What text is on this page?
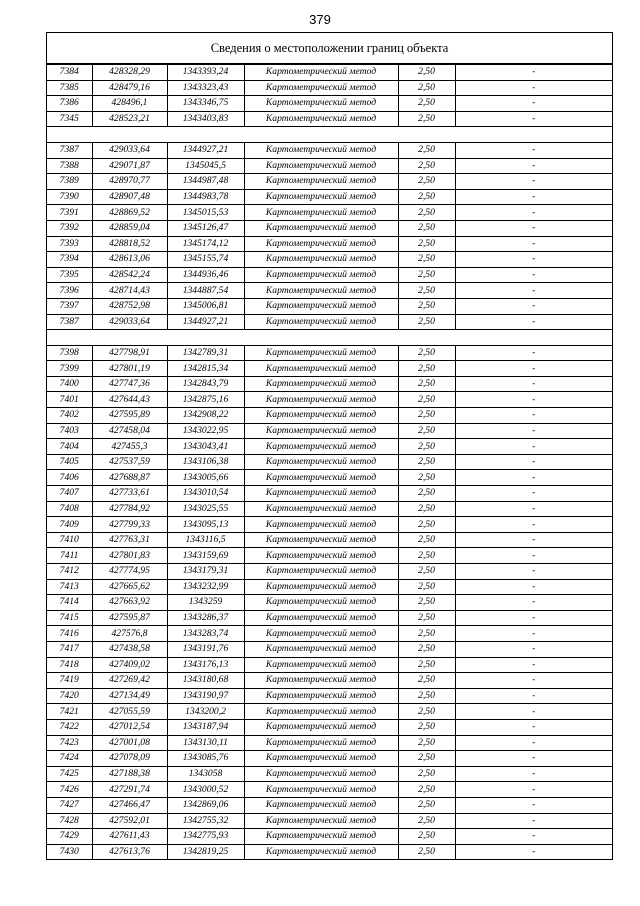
379
Сведения о местоположении границ объекта
7384	428328,29	1343393,24	Картометрический метод	2,50	-
7385	428479,16	1343323,43	Картометрический метод	2,50	-
7386	428496,1	1343346,75	Картометрический метод	2,50	-
7345	428523,21	1343403,83	Картометрический метод	2,50	-

7387	429033,64	1344927,21	Картометрический метод	2,50	-
7388	429071,87	1345045,5	Картометрический метод	2,50	-
7389	428970,77	1344987,48	Картометрический метод	2,50	-
7390	428907,48	1344983,78	Картометрический метод	2,50	-
7391	428869,52	1345015,53	Картометрический метод	2,50	-
7392	428859,04	1345126,47	Картометрический метод	2,50	-
7393	428818,52	1345174,12	Картометрический метод	2,50	-
7394	428613,06	1345155,74	Картометрический метод	2,50	-
7395	428542,24	1344936,46	Картометрический метод	2,50	-
7396	428714,43	1344887,54	Картометрический метод	2,50	-
7397	428752,98	1345006,81	Картометрический метод	2,50	-
7387	429033,64	1344927,21	Картометрический метод	2,50	-

7398	427798,91	1342789,31	Картометрический метод	2,50	-
7399	427801,19	1342815,34	Картометрический метод	2,50	-
7400	427747,36	1342843,79	Картометрический метод	2,50	-
7401	427644,43	1342875,16	Картометрический метод	2,50	-
7402	427595,89	1342908,22	Картометрический метод	2,50	-
7403	427458,04	1343022,95	Картометрический метод	2,50	-
7404	427455,3	1343043,41	Картометрический метод	2,50	-
7405	427537,59	1343106,38	Картометрический метод	2,50	-
7406	427688,87	1343005,66	Картометрический метод	2,50	-
7407	427733,61	1343010,54	Картометрический метод	2,50	-
7408	427784,92	1343025,55	Картометрический метод	2,50	-
7409	427799,33	1343095,13	Картометрический метод	2,50	-
7410	427763,31	1343116,5	Картометрический метод	2,50	-
7411	427801,83	1343159,69	Картометрический метод	2,50	-
7412	427774,95	1343179,31	Картометрический метод	2,50	-
7413	427665,62	1343232,99	Картометрический метод	2,50	-
7414	427663,92	1343259	Картометрический метод	2,50	-
7415	427595,87	1343286,37	Картометрический метод	2,50	-
7416	427576,8	1343283,74	Картометрический метод	2,50	-
7417	427438,58	1343191,76	Картометрический метод	2,50	-
7418	427409,02	1343176,13	Картометрический метод	2,50	-
7419	427269,42	1343180,68	Картометрический метод	2,50	-
7420	427134,49	1343190,97	Картометрический метод	2,50	-
7421	427055,59	1343200,2	Картометрический метод	2,50	-
7422	427012,54	1343187,94	Картометрический метод	2,50	-
7423	427001,08	1343130,11	Картометрический метод	2,50	-
7424	427078,09	1343085,76	Картометрический метод	2,50	-
7425	427188,38	1343058	Картометрический метод	2,50	-
7426	427291,74	1343000,52	Картометрический метод	2,50	-
7427	427466,47	1342869,06	Картометрический метод	2,50	-
7428	427592,01	1342755,32	Картометрический метод	2,50	-
7429	427611,43	1342775,93	Картометрический метод	2,50	-
7430	427613,76	1342819,25	Картометрический метод	2,50	-
